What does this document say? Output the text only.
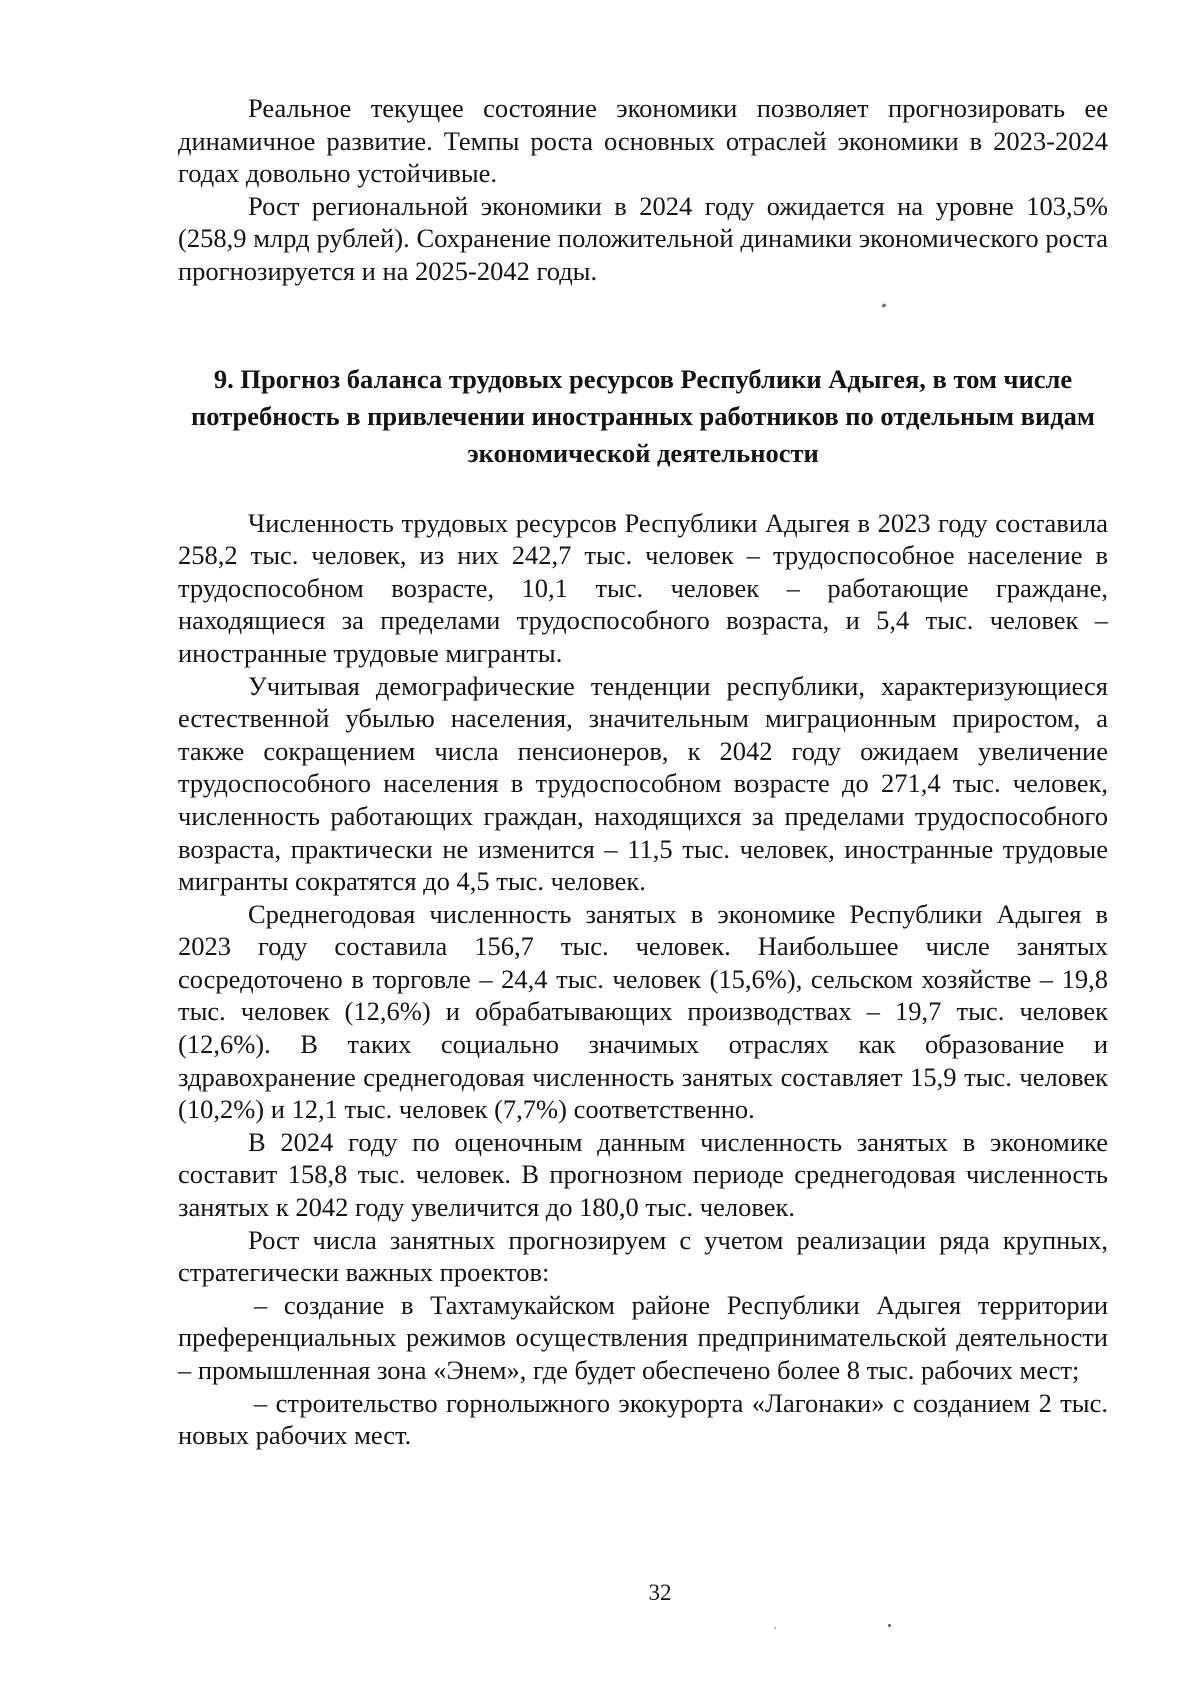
Реальное текущее состояние экономики позволяет прогнозировать ее динамичное развитие. Темпы роста основных отраслей экономики в 2023-2024 годах довольно устойчивые.

Рост региональной экономики в 2024 году ожидается на уровне 103,5% (258,9 млрд рублей). Сохранение положительной динамики экономического роста прогнозируется и на 2025-2042 годы.

9. Прогноз баланса трудовых ресурсов Республики Адыгея, в том числе потребность в привлечении иностранных работников по отдельным видам экономической деятельности

Численность трудовых ресурсов Республики Адыгея в 2023 году составила 258,2 тыс. человек, из них 242,7 тыс. человек – трудоспособное население в трудоспособном возрасте, 10,1 тыс. человек – работающие граждане, находящиеся за пределами трудоспособного возраста, и 5,4 тыс. человек – иностранные трудовые мигранты.

Учитывая демографические тенденции республики, характеризующиеся естественной убылью населения, значительным миграционным приростом, а также сокращением числа пенсионеров, к 2042 году ожидаем увеличение трудоспособного населения в трудоспособном возрасте до 271,4 тыс. человек, численность работающих граждан, находящихся за пределами трудоспособного возраста, практически не изменится – 11,5 тыс. человек, иностранные трудовые мигранты сократятся до 4,5 тыс. человек.

Среднегодовая численность занятых в экономике Республики Адыгея в 2023 году составила 156,7 тыс. человек. Наибольшее числе занятых сосредоточено в торговле – 24,4 тыс. человек (15,6%), сельском хозяйстве – 19,8 тыс. человек (12,6%) и обрабатывающих производствах – 19,7 тыс. человек (12,6%). В таких социально значимых отраслях как образование и здравохранение среднегодовая численность занятых составляет 15,9 тыс. человек (10,2%) и 12,1 тыс. человек (7,7%) соответственно.

В 2024 году по оценочным данным численность занятых в экономике составит 158,8 тыс. человек. В прогнозном периоде среднегодовая численность занятых к 2042 году увеличится до 180,0 тыс. человек.

Рост числа занятных прогнозируем с учетом реализации ряда крупных, стратегически важных проектов:

– создание в Тахтамукайском районе Республики Адыгея территории преференциальных режимов осуществления предпринимательской деятельности – промышленная зона «Энем», где будет обеспечено более 8 тыс. рабочих мест;

– строительство горнолыжного экокурорта «Лагонаки» с созданием 2 тыс. новых рабочих мест.

32
